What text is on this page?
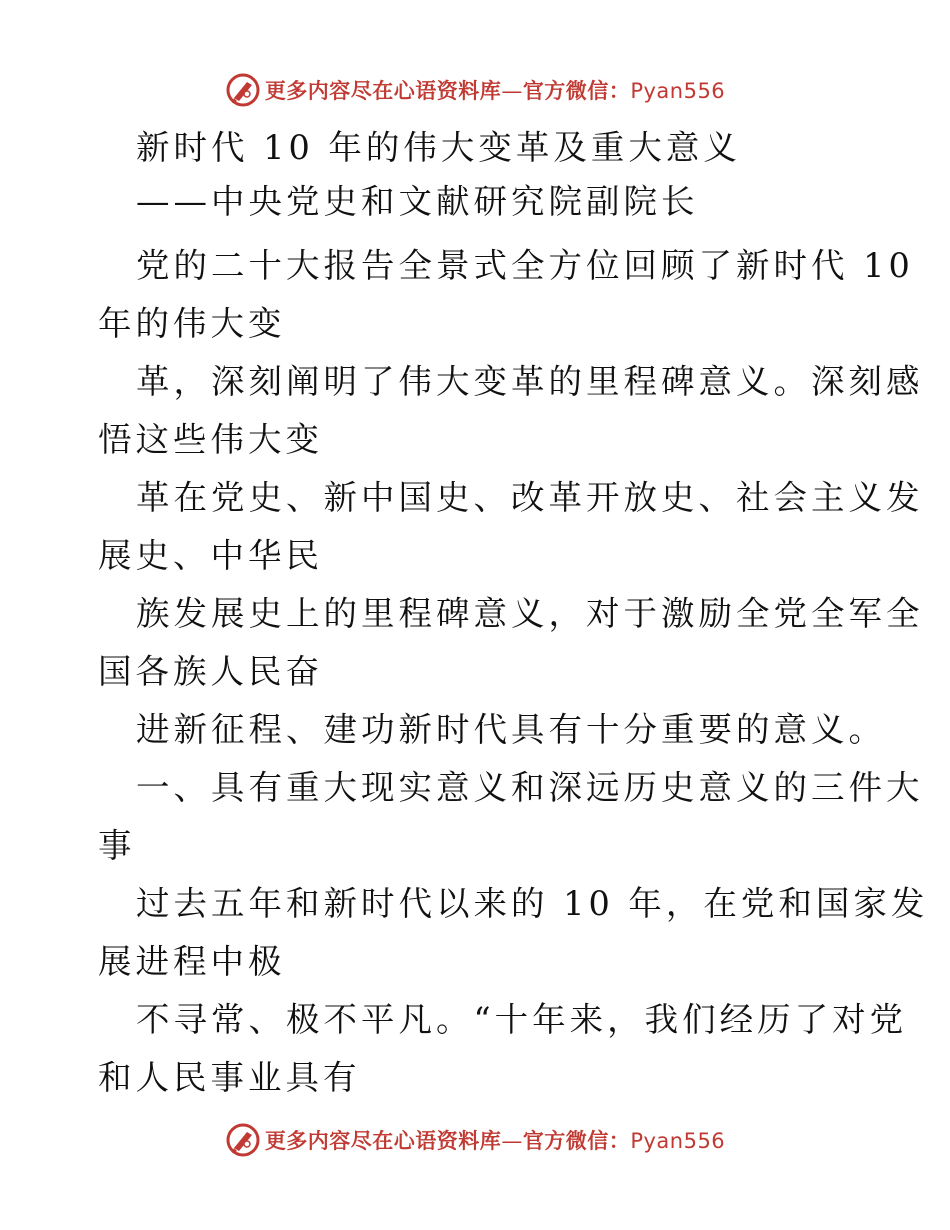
更多内容尽在心语资料库—官方微信：Pyan556
新时代 10 年的伟大变革及重大意义
——中央党史和文献研究院副院长
党的二十大报告全景式全方位回顾了新时代 10
年的伟大变
革，深刻阐明了伟大变革的里程碑意义。深刻感
悟这些伟大变
革在党史、新中国史、改革开放史、社会主义发
展史、中华民
族发展史上的里程碑意义，对于激励全党全军全
国各族人民奋
进新征程、建功新时代具有十分重要的意义。
一、具有重大现实意义和深远历史意义的三件大
事
过去五年和新时代以来的 10 年，在党和国家发
展进程中极
不寻常、极不平凡。“十年来，我们经历了对党
和人民事业具有
更多内容尽在心语资料库—官方微信：Pyan556
